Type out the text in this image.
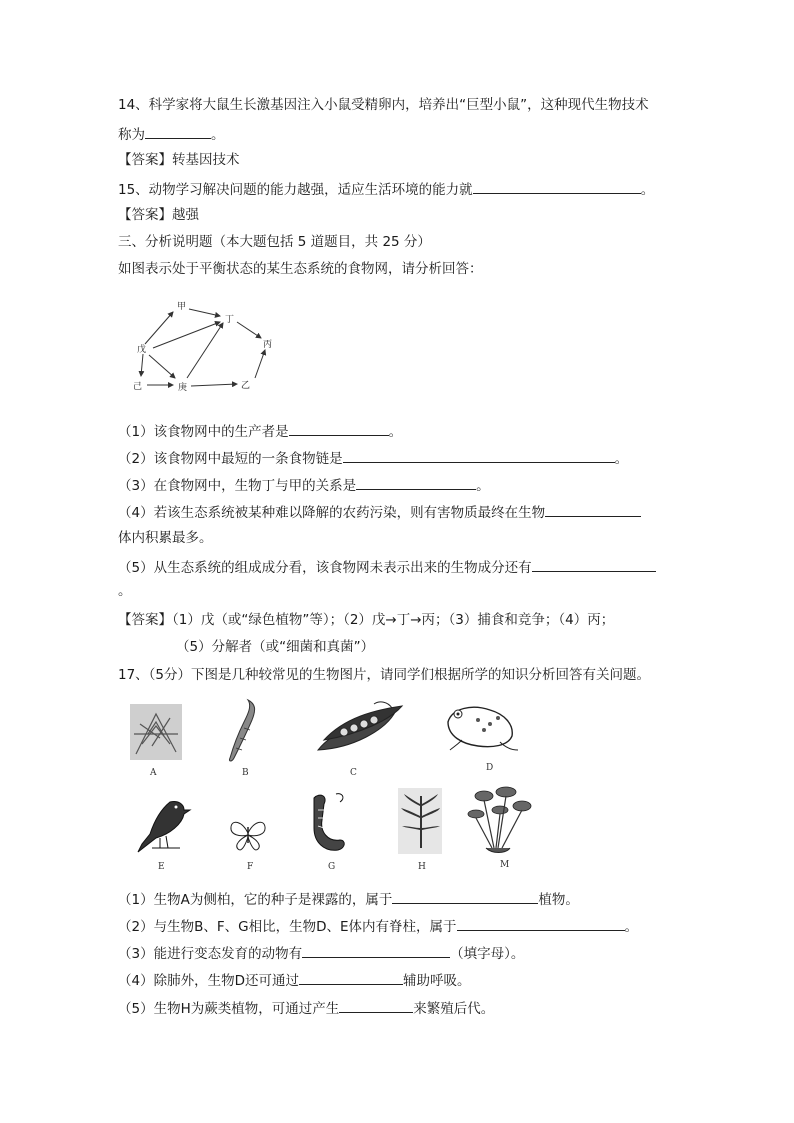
14、科学家将大鼠生长激基因注入小鼠受精卵内，培养出“巨型小鼠”，这种现代生物技术
称为	。
【答案】转基因技术
15、动物学习解决问题的能力越强，适应生活环境的能力就	。
【答案】越强
三、分析说明题（本大题包括 5 道题目，共 25 分）
如图表示处于平衡状态的某生态系统的食物网，请分析回答：
甲
丁
戊	丙
己	庚	乙
（1）该食物网中的生产者是	。
（2）该食物网中最短的一条食物链是	。
（3）在食物网中，生物丁与甲的关系是	。
（4）若该生态系统被某种难以降解的农药污染，则有害物质最终在生物
体内积累最多。
（5）从生态系统的组成成分看，该食物网未表示出来的生物成分还有
。
【答案】（1）戊（或“绿色植物”等）；（2）戊→丁→丙；（3）捕食和竞争；（4）丙；
（5）分解者（或“细菌和真菌”）
17、（5分）下图是几种较常见的生物图片，请同学们根据所学的知识分析回答有关问题。
A	B	C	D
E	F	G	H	M
（1）生物A为侧柏，它的种子是裸露的，属于	植物。
（2）与生物B、F、G相比，生物D、E体内有脊柱，属于	。
（3）能进行变态发育的动物有	（填字母）。
（4）除肺外，生物D还可通过	辅助呼吸。
（5）生物H为蕨类植物，可通过产生	来繁殖后代。
